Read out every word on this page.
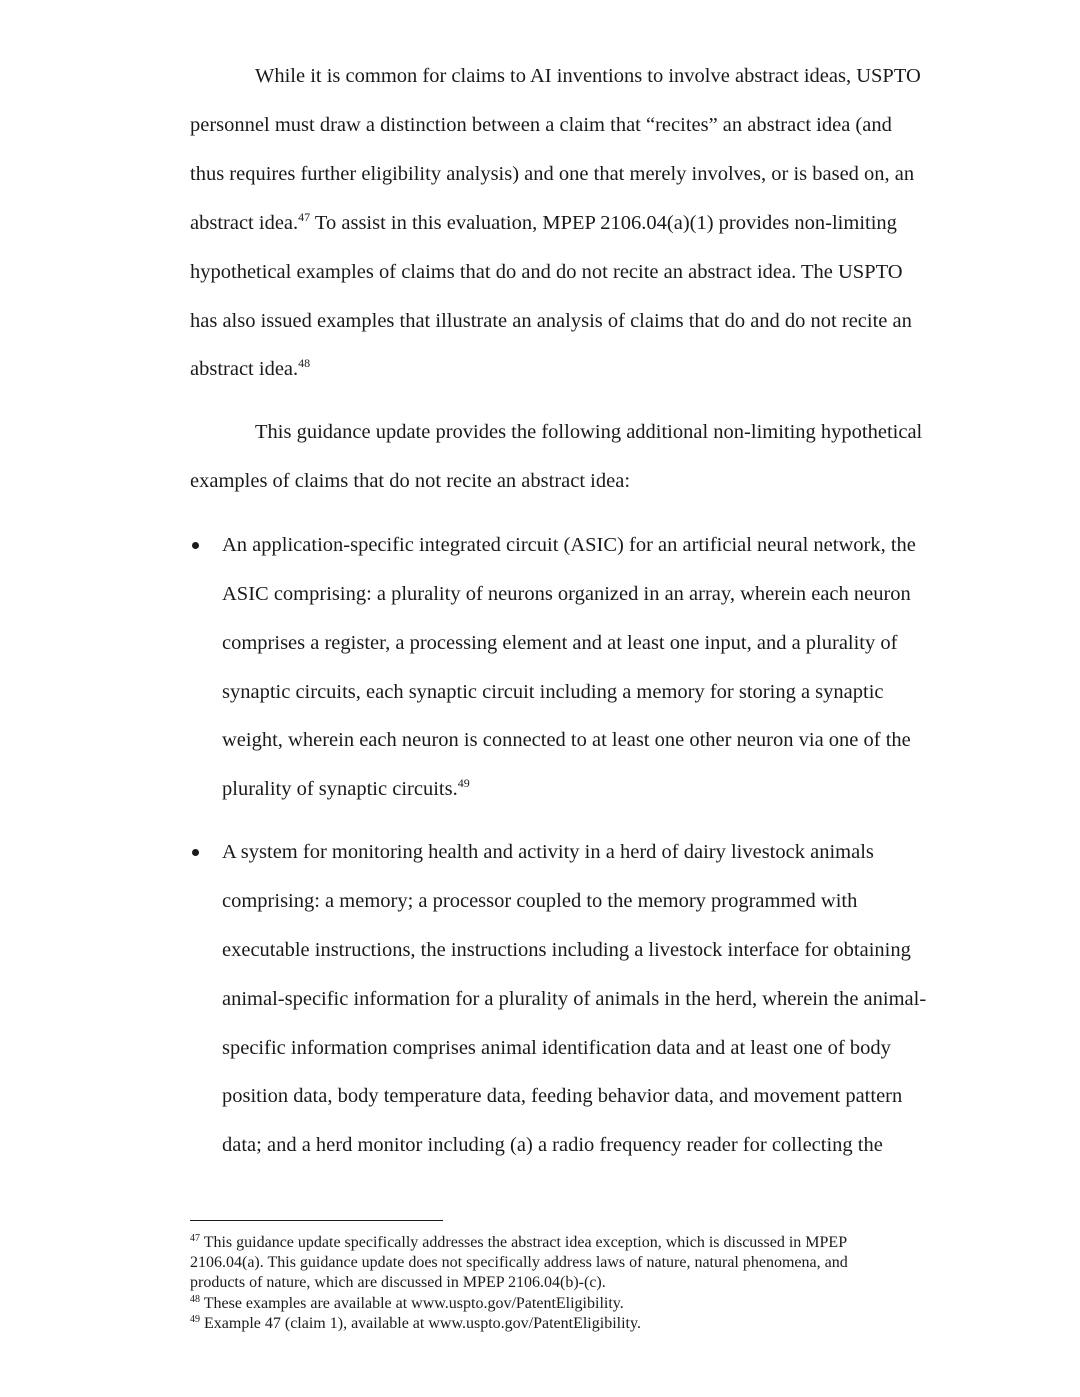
While it is common for claims to AI inventions to involve abstract ideas, USPTO
personnel must draw a distinction between a claim that “recites” an abstract idea (and
thus requires further eligibility analysis) and one that merely involves, or is based on, an
abstract idea.$^{47}$ To assist in this evaluation, MPEP 2106.04(a)(1) provides non-limiting
hypothetical examples of claims that do and do not recite an abstract idea. The USPTO
has also issued examples that illustrate an analysis of claims that do and do not recite an
abstract idea.$^{48}$
This guidance update provides the following additional non-limiting hypothetical
examples of claims that do not recite an abstract idea:
An application-specific integrated circuit (ASIC) for an artificial neural network, the
ASIC comprising: a plurality of neurons organized in an array, wherein each neuron
comprises a register, a processing element and at least one input, and a plurality of
synaptic circuits, each synaptic circuit including a memory for storing a synaptic
weight, wherein each neuron is connected to at least one other neuron via one of the
plurality of synaptic circuits.$^{49}$
A system for monitoring health and activity in a herd of dairy livestock animals
comprising: a memory; a processor coupled to the memory programmed with
executable instructions, the instructions including a livestock interface for obtaining
animal-specific information for a plurality of animals in the herd, wherein the animal-
specific information comprises animal identification data and at least one of body
position data, body temperature data, feeding behavior data, and movement pattern
data; and a herd monitor including (a) a radio frequency reader for collecting the
$^{47}$ This guidance update specifically addresses the abstract idea exception, which is discussed in MPEP
2106.04(a). This guidance update does not specifically address laws of nature, natural phenomena, and
products of nature, which are discussed in MPEP 2106.04(b)-(c).
$^{48}$ These examples are available at www.uspto.gov/PatentEligibility.
$^{49}$ Example 47 (claim 1), available at www.uspto.gov/PatentEligibility.
